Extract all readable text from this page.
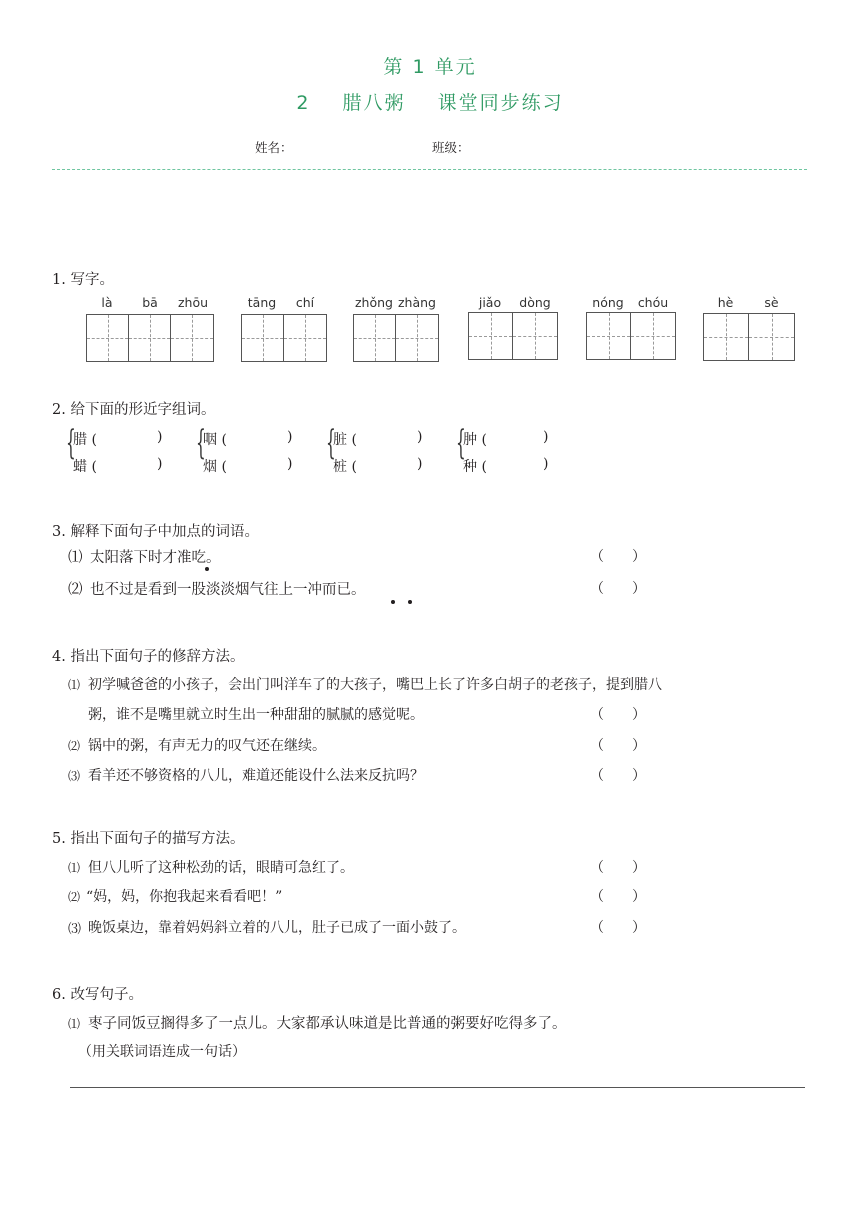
第 1 单元
2 腊八粥 课堂同步练习
姓名：	班级：
1. 写字。
là	bā	zhōu	tāng	chí	zhǒng zhàng	jiǎo	dòng	nóng	chóu	hè	sè
2. 给下面的形近字组词。
{
腊 (
蜡 (
)
)
{
咽 (
烟 (
)
)
{
脏 (
桩 (
)
)
{
肿 (
种 (
)
)
3. 解释下面句子中加点的词语。
⑴ 太阳落下时才准吃。	（　　）
⑵ 也不过是看到一股淡淡烟气往上一冲而已。	（　　）
4. 指出下面句子的修辞方法。
⑴ 初学喊爸爸的小孩子，会出门叫洋车了的大孩子，嘴巴上长了许多白胡子的老孩子，提到腊八
粥，谁不是嘴里就立时生出一种甜甜的腻腻的感觉呢。	（　　）
⑵ 锅中的粥，有声无力的叹气还在继续。	（　　）
⑶ 看羊还不够资格的八儿，难道还能设什么法来反抗吗？	（　　）
5. 指出下面句子的描写方法。
⑴ 但八儿听了这种松劲的话，眼睛可急红了。	（　　）
⑵ “妈，妈，你抱我起来看看吧！”	（　　）
⑶ 晚饭桌边，靠着妈妈斜立着的八儿，肚子已成了一面小鼓了。	（　　）
6. 改写句子。
⑴ 枣子同饭豆搁得多了一点儿。大家都承认味道是比普通的粥要好吃得多了。
（用关联词语连成一句话）
